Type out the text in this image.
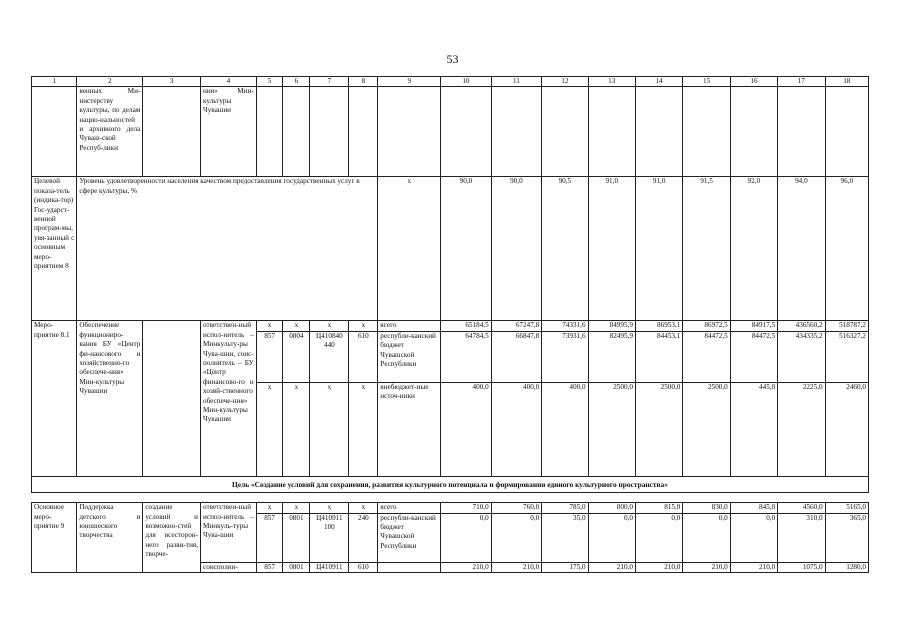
53
1	2	3	4	5	6	7	8	9	10	11	12	13	14	15	16	17	18
	венных Ми-нистерству культуры, по делам нацио-нальностей и архивного дела Чуваш-ской Респуб-лики		ния» Мин-культуры Чувашии														
Целевой показа-тель (индика-тор) Гос-ударст-венной програм-мы, увя-занный с основным меро-приятием 8	Уровень удовлетворенности населения качеством предоставления государственных услуг в сфере культуры, %							х	90,0	90,0	90,5	91,0	91,0	91,5	92,0	94,0	96,0
Меро-приятие 8.1	Обеспечение функциониро-вания БУ «Центр фи-нансового и хозяйственно-го обеспече-ния» Мин-культуры Чувашии		ответствен-ный испол-нитель – Минкульту-ры Чува-шии, соис-полнитель – БУ «Центр финансово-го и хозяй-ственного обеспече-ния» Мин-культуры Чувашии	х	х	х	х	всего	65184,5	67247,8	74331,6	84995,9	86953,1	86972,5	84917,5	436560,2	518787,2
				857	0804	Ц410840 440	610	республи-канский бюджет Чувашской Республики	64784,5	66847,8	73931,6	82495,9	84453,1	84472,5	84472,5	434335,2	516327,2
				х	х	х	х	внебюджет-ные источ-ники	400,0	400,0	400,0	2500,0	2500,0	2500,0	445,0	2225,0	2460,0
Цель «Создание условий для сохранения, развития культурного потенциала и формирования единого культурного пространства»																	

Основное меро-приятие 9	Поддержка детского и юношеского творчества	создание условий и возможно-стей для всесторон-него разви-тия, творче-	ответствен-ный испол-нитель – Минкуль-туры Чува-шии	х	х	х	х	всего	710,0	760,0	785,0	800,0	815,0	830,0	845,0	4560,0	5165,0
				857	0801	Ц410911 100	240	республи-канский бюджет Чувашской Республики	0,0	0,0	35,0	0,0	0,0	0,0	0,0	310,0	365,0
			соисполни-	857	0801	Ц410911	610		210,0	210,0	175,0	210,0	210,0	210,0	210,0	1075,0	1280,0
